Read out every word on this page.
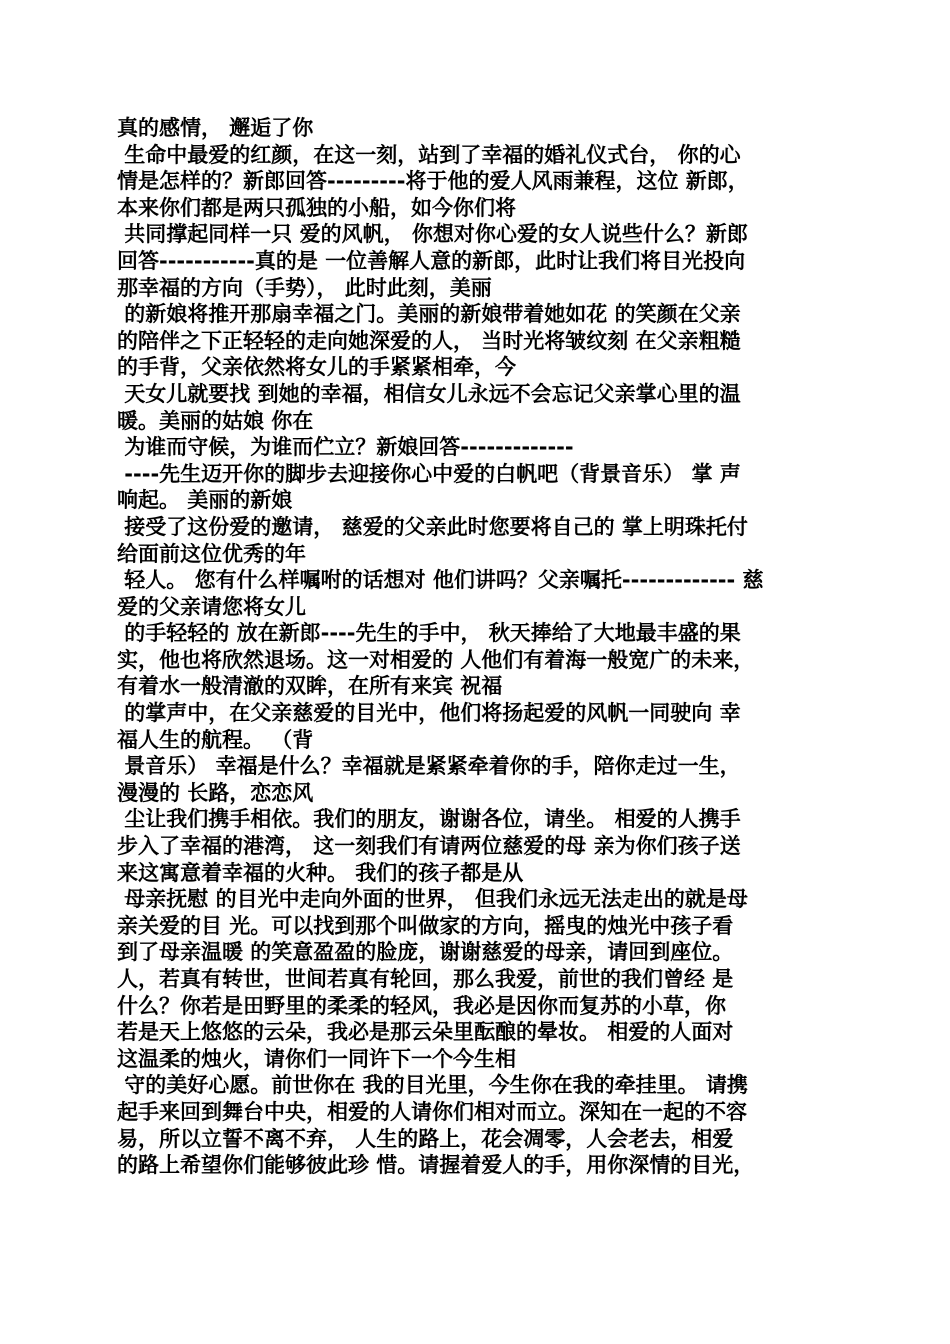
真的感情， 邂逅了你
生命中最爱的红颜，在这一刻，站到了幸福的婚礼仪式台， 你的心
情是怎样的？新郎回答---------将于他的爱人风雨兼程，这位 新郎，
本来你们都是两只孤独的小船，如今你们将
共同撑起同样一只 爱的风帆， 你想对你心爱的女人说些什么？新郎
回答-----------真的是 一位善解人意的新郎，此时让我们将目光投向
那幸福的方向（手势）， 此时此刻，美丽
的新娘将推开那扇幸福之门。美丽的新娘带着她如花 的笑颜在父亲
的陪伴之下正轻轻的走向她深爱的人， 当时光将皱纹刻 在父亲粗糙
的手背，父亲依然将女儿的手紧紧相牵，今
天女儿就要找 到她的幸福，相信女儿永远不会忘记父亲掌心里的温
暖。美丽的姑娘 你在
为谁而守候，为谁而伫立？新娘回答-------------
----先生迈开你的脚步去迎接你心中爱的白帆吧（背景音乐） 掌 声
响起。 美丽的新娘
接受了这份爱的邀请， 慈爱的父亲此时您要将自己的 掌上明珠托付
给面前这位优秀的年
轻人。 您有什么样嘱咐的话想对 他们讲吗？父亲嘱托------------- 慈
爱的父亲请您将女儿
的手轻轻的 放在新郎----先生的手中， 秋天捧给了大地最丰盛的果
实，他也将欣然退场。这一对相爱的 人他们有着海一般宽广的未来，
有着水一般清澈的双眸，在所有来宾 祝福
的掌声中，在父亲慈爱的目光中，他们将扬起爱的风帆一同驶向 幸
福人生的航程。 （背
景音乐） 幸福是什么？幸福就是紧紧牵着你的手，陪你走过一生，
漫漫的 长路，恋恋风
尘让我们携手相依。我们的朋友，谢谢各位，请坐。 相爱的人携手
步入了幸福的港湾， 这一刻我们有请两位慈爱的母 亲为你们孩子送
来这寓意着幸福的火种。 我们的孩子都是从
母亲抚慰 的目光中走向外面的世界， 但我们永远无法走出的就是母
亲关爱的目 光。可以找到那个叫做家的方向，摇曳的烛光中孩子看
到了母亲温暖 的笑意盈盈的脸庞，谢谢慈爱的母亲，请回到座位。
人，若真有转世，世间若真有轮回，那么我爱，前世的我们曾经 是
什么？你若是田野里的柔柔的轻风，我必是因你而复苏的小草，你
若是天上悠悠的云朵，我必是那云朵里酝酿的晕妆。 相爱的人面对
这温柔的烛火，请你们一同许下一个今生相
守的美好心愿。前世你在 我的目光里，今生你在我的牵挂里。 请携
起手来回到舞台中央，相爱的人请你们相对而立。深知在一起的不容
易，所以立誓不离不弃， 人生的路上，花会凋零，人会老去，相爱
的路上希望你们能够彼此珍 惜。请握着爱人的手，用你深情的目光，
